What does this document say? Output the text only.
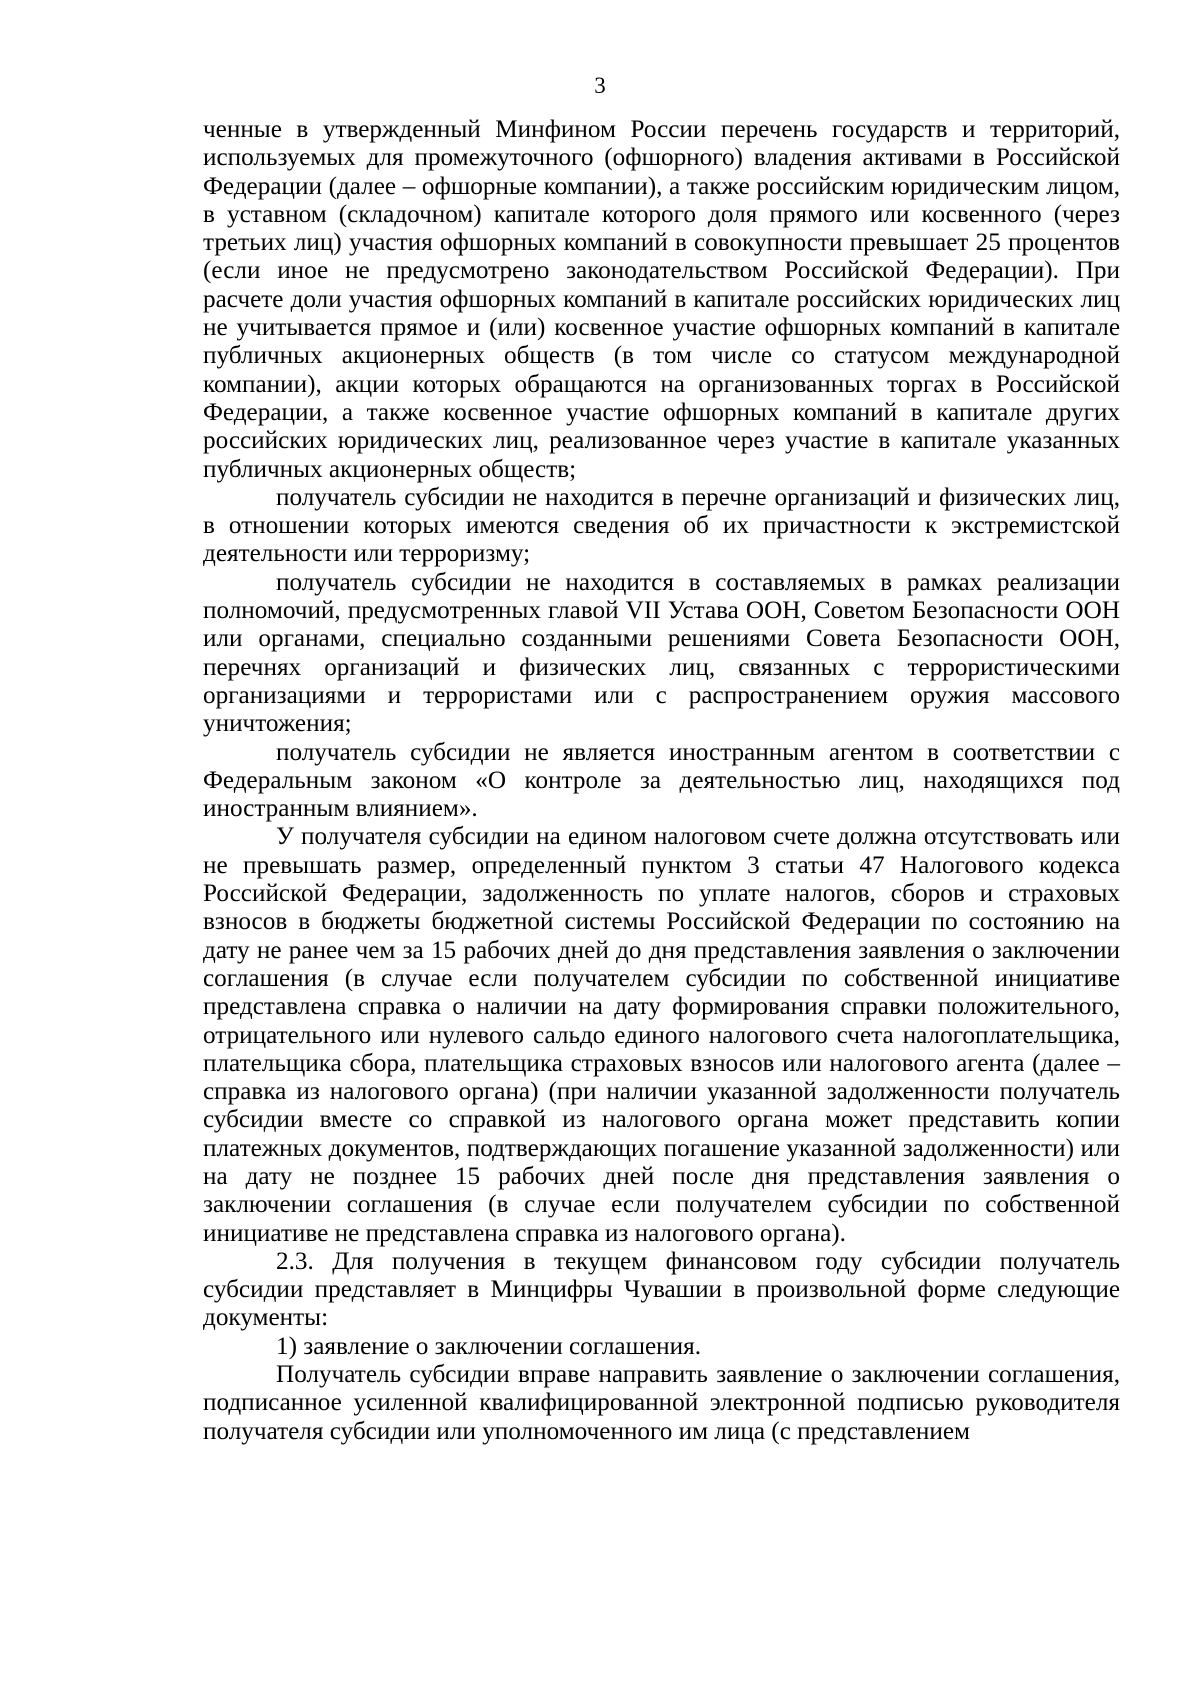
3

ченные в утвержденный Минфином России перечень государств и территорий, используемых для промежуточного (офшорного) владения активами в Российской Федерации (далее – офшорные компании), а также российским юридическим лицом, в уставном (складочном) капитале которого доля прямого или косвенного (через третьих лиц) участия офшорных компаний в совокупности превышает 25 процентов (если иное не предусмотрено законодательством Российской Федерации). При расчете доли участия офшорных компаний в капитале российских юридических лиц не учитывается прямое и (или) косвенное участие офшорных компаний в капитале публичных акционерных обществ (в том числе со статусом международной компании), акции которых обращаются на организованных торгах в Российской Федерации, а также косвенное участие офшорных компаний в капитале других российских юридических лиц, реализованное через участие в капитале указанных публичных акционерных обществ;

получатель субсидии не находится в перечне организаций и физических лиц, в отношении которых имеются сведения об их причастности к экстремистской деятельности или терроризму;

получатель субсидии не находится в составляемых в рамках реализации полномочий, предусмотренных главой VII Устава ООН, Советом Безопасности ООН или органами, специально созданными решениями Совета Безопасности ООН, перечнях организаций и физических лиц, связанных с террористическими организациями и террористами или с распространением оружия массового уничтожения;

получатель субсидии не является иностранным агентом в соответствии с Федеральным законом «О контроле за деятельностью лиц, находящихся под иностранным влиянием».

У получателя субсидии на едином налоговом счете должна отсутствовать или не превышать размер, определенный пунктом 3 статьи 47 Налогового кодекса Российской Федерации, задолженность по уплате налогов, сборов и страховых взносов в бюджеты бюджетной системы Российской Федерации по состоянию на дату не ранее чем за 15 рабочих дней до дня представления заявления о заключении соглашения (в случае если получателем субсидии по собственной инициативе представлена справка о наличии на дату формирования справки положительного, отрицательного или нулевого сальдо единого налогового счета налогоплательщика, плательщика сбора, плательщика страховых взносов или налогового агента (далее – справка из налогового органа) (при наличии указанной задолженности получатель субсидии вместе со справкой из налогового органа может представить копии платежных документов, подтверждающих погашение указанной задолженности) или на дату не позднее 15 рабочих дней после дня представления заявления о заключении соглашения (в случае если получателем субсидии по собственной инициативе не представлена справка из налогового органа).

2.3. Для получения в текущем финансовом году субсидии получатель субсидии представляет в Минцифры Чувашии в произвольной форме следующие документы:

1) заявление о заключении соглашения.

Получатель субсидии вправе направить заявление о заключении соглашения, подписанное усиленной квалифицированной электронной подписью руководителя получателя субсидии или уполномоченного им лица (с представлением
